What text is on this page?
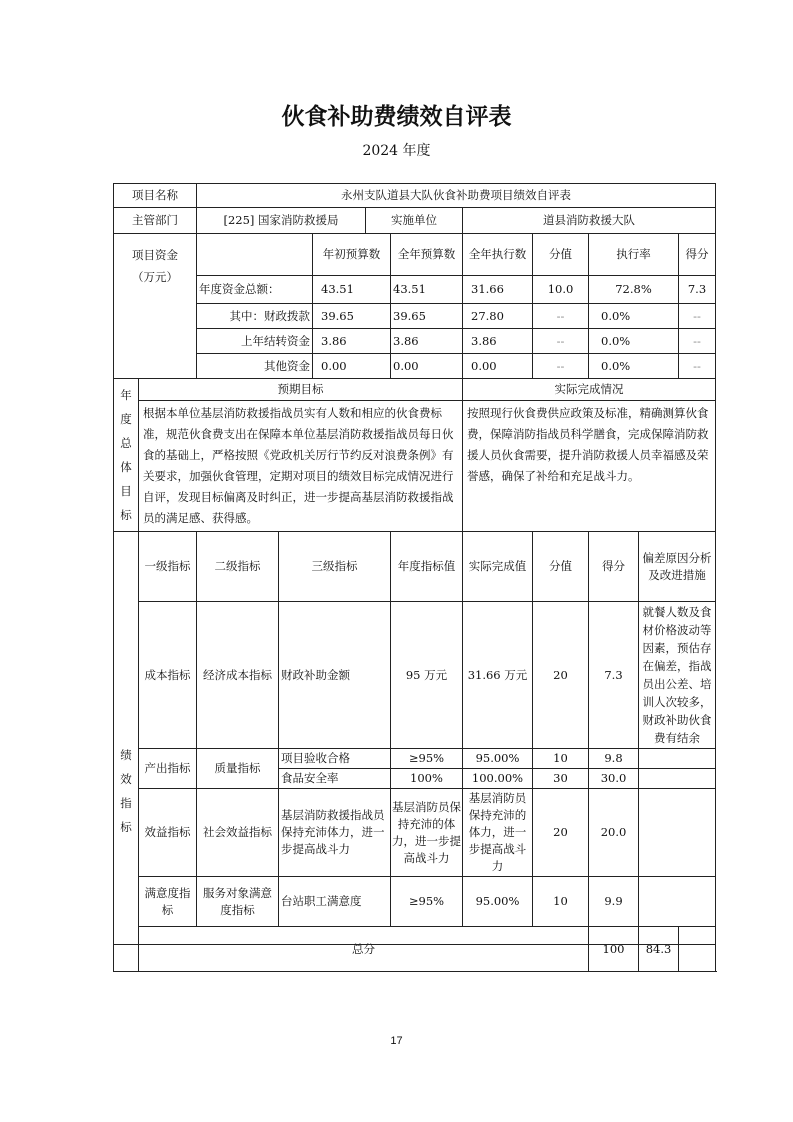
伙食补助费绩效自评表
2024 年度
项目名称		永州支队道县大队伙食补助费项目绩效自评表									
主管部门		[225] 国家消防救援局			实施单位		道县消防救援大队				
项目资金
（万元）				年初预算数		全年预算数	全年执行数	分值	执行率		得分
		年度资金总额：		43.51		43.51	31.66	10.0	72.8%		7.3
		其中：财政拨款		39.65		39.65	27.80	--	0.0%		--
		上年结转资金		3.86		3.86	3.86	--	0.0%		--
		其他资金		0.00		0.00	0.00	--	0.0%		--
年度总体目标	预期目标						实际完成情况				
	根据本单位基层消防救援指战员实有人数和相应的伙食费标准，规范伙食费支出在保障本单位基层消防救援指战员每日伙食的基础上，严格按照《党政机关厉行节约反对浪费条例》有关要求，加强伙食管理，定期对项目的绩效目标完成情况进行自评，发现目标偏离及时纠正，进一步提高基层消防救援指战员的满足感、获得感。						按照现行伙食费供应政策及标准，精确测算伙食费，保障消防指战员科学膳食，完成保障消防救援人员伙食需要，提升消防救援人员幸福感及荣誉感，确保了补给和充足战斗力。				
绩效指标	一级指标	二级指标	三级指标			年度指标值	实际完成值	分值	得分	偏差原因分析及改进措施	
	成本指标	经济成本指标	财政补助金额			95 万元	31.66 万元	20	7.3	就餐人数及食材价格波动等因素，预估存在偏差，指战员出公差、培训人次较多，财政补助伙食费有结余	
	产出指标	质量指标	项目验收合格			≥95%	95.00%	10	9.8		
			食品安全率			100%	100.00%	30	30.0		
	效益指标	社会效益指标	基层消防救援指战员保持充沛体力，进一步提高战斗力			基层消防员保持充沛的体力，进一步提高战斗力	基层消防员保持充沛的体力，进一步提高战斗力	20	20.0		
	满意度指标	服务对象满意度指标	台站职工满意度			≥95%	95.00%	10	9.9		
	总分								100	84.3	
17
